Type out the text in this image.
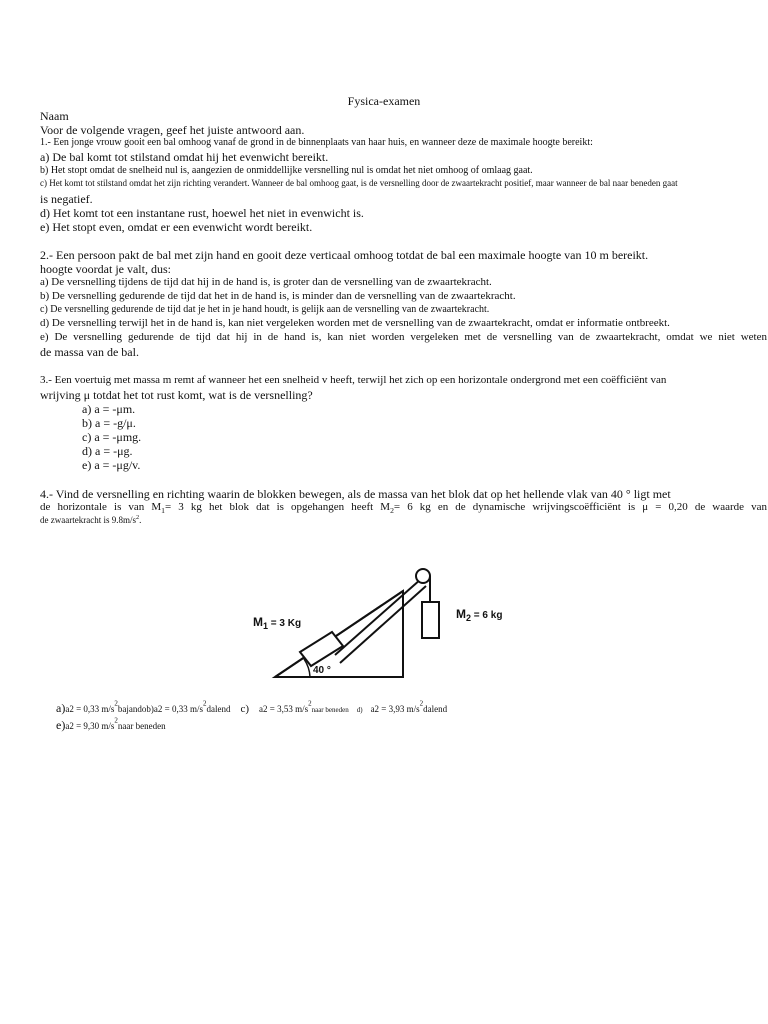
Fysica-examen
Naam
Voor de volgende vragen, geef het juiste antwoord aan.
1.- Een jonge vrouw gooit een bal omhoog vanaf de grond in de binnenplaats van haar huis, en wanneer deze de maximale hoogte bereikt:
a) De bal komt tot stilstand omdat hij het evenwicht bereikt.
b) Het stopt omdat de snelheid nul is, aangezien de onmiddellijke versnelling nul is omdat het niet omhoog of omlaag gaat.
c) Het komt tot stilstand omdat het zijn richting verandert. Wanneer de bal omhoog gaat, is de versnelling door de zwaartekracht positief, maar wanneer de bal naar beneden gaat
is negatief.
d) Het komt tot een instantane rust, hoewel het niet in evenwicht is.
e) Het stopt even, omdat er een evenwicht wordt bereikt.
2.- Een persoon pakt de bal met zijn hand en gooit deze verticaal omhoog totdat de bal een maximale hoogte van 10 m bereikt.
hoogte voordat je valt, dus:
a) De versnelling tijdens de tijd dat hij in de hand is, is groter dan de versnelling van de zwaartekracht.
b) De versnelling gedurende de tijd dat het in de hand is, is minder dan de versnelling van de zwaartekracht.
c) De versnelling gedurende de tijd dat je het in je hand houdt, is gelijk aan de versnelling van de zwaartekracht.
d) De versnelling terwijl het in de hand is, kan niet vergeleken worden met de versnelling van de zwaartekracht, omdat er informatie ontbreekt.
e) De versnelling gedurende de tijd dat hij in de hand is, kan niet worden vergeleken met de versnelling van de zwaartekracht, omdat we niet weten
de massa van de bal.
3.- Een voertuig met massa m remt af wanneer het een snelheid v heeft, terwijl het zich op een horizontale ondergrond met een coëfficiënt van
wrijving μ totdat het tot rust komt, wat is de versnelling?
a) a = -μm.
b) a = -g/μ.
c) a = -μmg.
d) a = -μg.
e) a = -μg/v.
4.- Vind de versnelling en richting waarin de blokken bewegen, als de massa van het blok dat op het hellende vlak van 40 ° ligt met
de horizontale is van $M_1= 3$ kg het blok dat is opgehangen heeft $M_2= 6$ kg en de dynamische wrijvingscoëfficiënt is μ = 0,20 de waarde van
de zwaartekracht is $9.8m/s^2$.
$M_1$ $^{= 3 Kg}$
$M_2$ $^{= 6 kg}$
40 °
a)a2 = 0,33 $m/s^2bajandob)a2 = 0,33$ $m/s^2dalend$ c) a2 = 3,53 $m/s^2naar$ beneden d) a2 = 3,93 $m/s^2dalend$
e)a2 = 9,30 $m/s^2naar$ beneden
